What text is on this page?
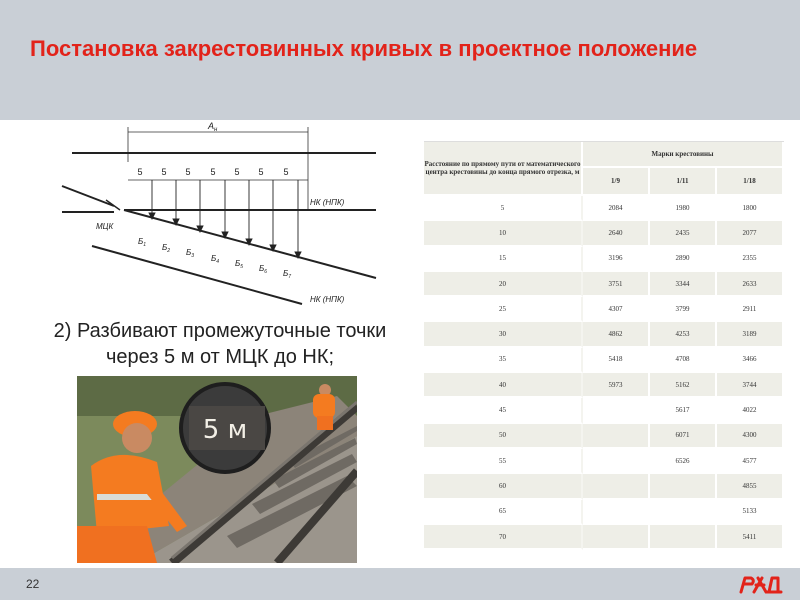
Постановка закрестовинных кривых в проектное положение
$А_н$
5 5 5 5 5 5 5
НК (НПК)
МЦК
НК (НПК)
$Б_1$ $Б_2$ $Б_3$ $Б_4$ $Б_5$ $Б_6$ $Б_7$

2) Разбивают промежуточные точки через 5 м от МЦК до НК;

5 м
Расстояние по прямому пути от математического центра крестовины до конца прямого отрезка, м	Марки крестовины		
	1/9	1/11	1/18
5	2084	1980	1800
10	2640	2435	2077
15	3196	2890	2355
20	3751	3344	2633
25	4307	3799	2911
30	4862	4253	3189
35	5418	4708	3466
40	5973	5162	3744
45		5617	4022
50		6071	4300
55		6526	4577
60			4855
65			5133
70			5411
22
